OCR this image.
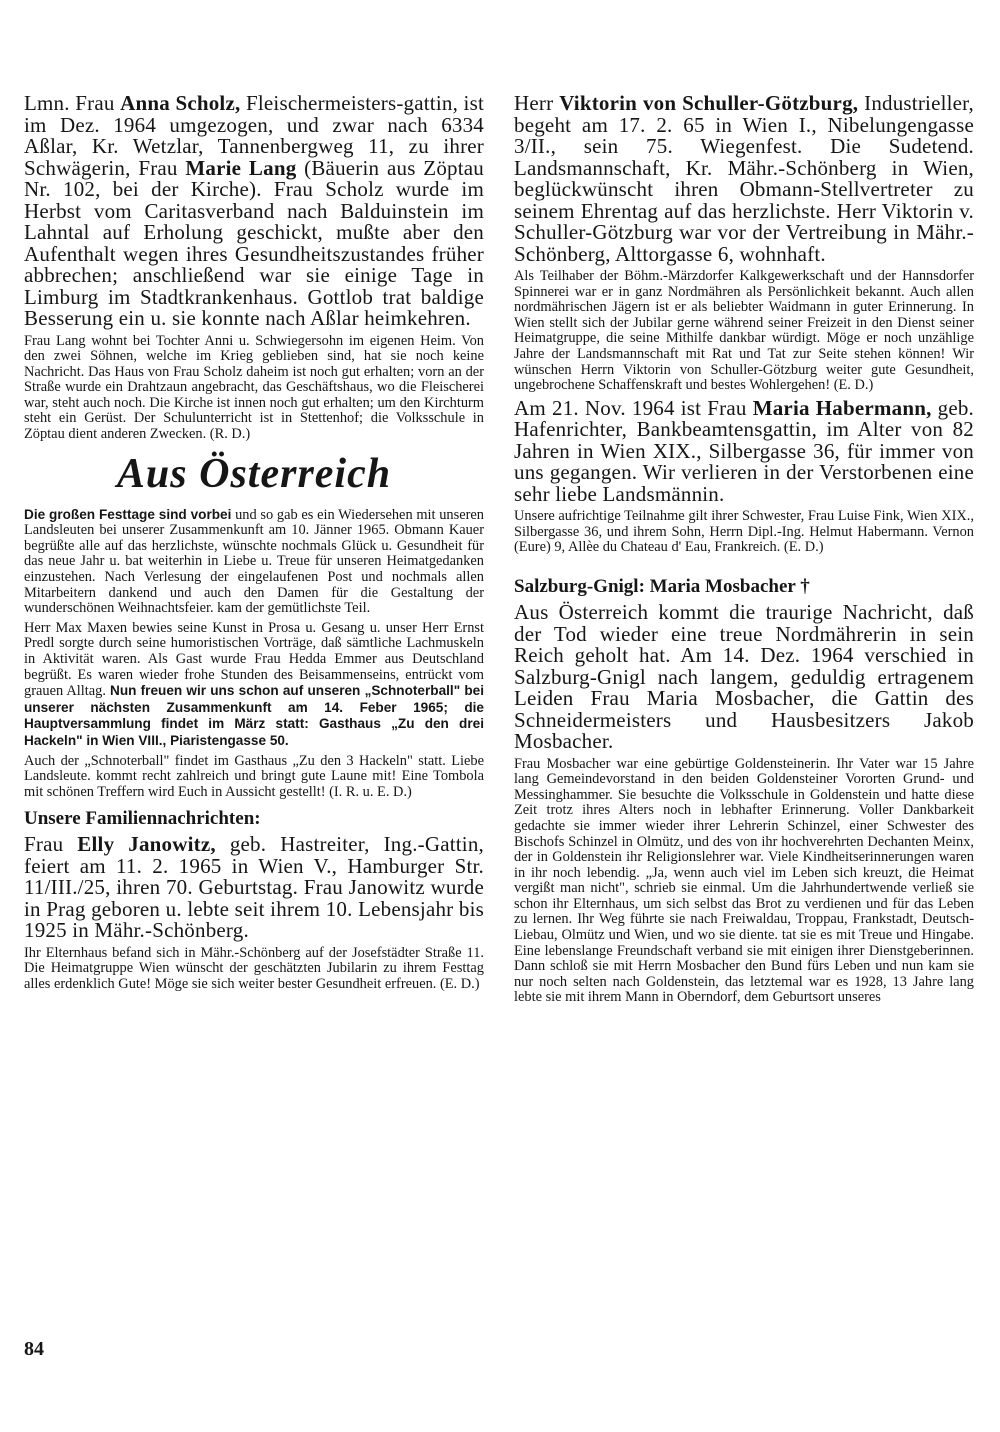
Lmn. Frau Anna Scholz, Fleischermeisters-gattin, ist im Dez. 1964 umgezogen, und zwar nach 6334 Aßlar, Kr. Wetzlar, Tannenbergweg 11, zu ihrer Schwägerin, Frau Marie Lang (Bäuerin aus Zöptau Nr. 102, bei der Kirche). Frau Scholz wurde im Herbst vom Caritasverband nach Balduinstein im Lahntal auf Erholung geschickt, mußte aber den Aufenthalt wegen ihres Gesundheitszustandes früher abbrechen; anschließend war sie einige Tage in Limburg im Stadtkrankenhaus. Gottlob trat baldige Besserung ein u. sie konnte nach Aßlar heimkehren.

Frau Lang wohnt bei Tochter Anni u. Schwiegersohn im eigenen Heim. Von den zwei Söhnen, welche im Krieg geblieben sind, hat sie noch keine Nachricht. Das Haus von Frau Scholz daheim ist noch gut erhalten; vorn an der Straße wurde ein Drahtzaun angebracht, das Geschäftshaus, wo die Fleischerei war, steht auch noch. Die Kirche ist innen noch gut erhalten; um den Kirchturm steht ein Gerüst. Der Schulunterricht ist in Stettenhof; die Volksschule in Zöptau dient anderen Zwecken. (R. D.)

Aus Österreich

Die großen Festtage sind vorbei und so gab es ein Wiedersehen mit unseren Landsleuten bei unserer Zusammenkunft am 10. Jänner 1965. Obmann Kauer begrüßte alle auf das herzlichste, wünschte nochmals Glück u. Gesundheit für das neue Jahr u. bat weiterhin in Liebe u. Treue für unseren Heimatgedanken einzustehen. Nach Verlesung der eingelaufenen Post und nochmals allen Mitarbeitern dankend und auch den Damen für die Gestaltung der wunderschönen Weihnachtsfeier. kam der gemütlichste Teil.

Herr Max Maxen bewies seine Kunst in Prosa u. Gesang u. unser Herr Ernst Predl sorgte durch seine humoristischen Vorträge, daß sämtliche Lachmuskeln in Aktivität waren. Als Gast wurde Frau Hedda Emmer aus Deutschland begrüßt. Es waren wieder frohe Stunden des Beisammenseins, entrückt vom grauen Alltag. Nun freuen wir uns schon auf unseren „Schnoterball" bei unserer nächsten Zusammenkunft am 14. Feber 1965; die Hauptversammlung findet im März statt: Gasthaus „Zu den drei Hackeln" in Wien VIII., Piaristengasse 50.

Auch der „Schnoterball" findet im Gasthaus „Zu den 3 Hackeln" statt. Liebe Landsleute. kommt recht zahlreich und bringt gute Laune mit! Eine Tombola mit schönen Treffern wird Euch in Aussicht gestellt! (I. R. u. E. D.)

Unsere Familiennachrichten:

Frau Elly Janowitz, geb. Hastreiter, Ing.-Gattin, feiert am 11. 2. 1965 in Wien V., Hamburger Str. 11/III./25, ihren 70. Geburtstag. Frau Janowitz wurde in Prag geboren u. lebte seit ihrem 10. Lebensjahr bis 1925 in Mähr.-Schönberg.

Ihr Elternhaus befand sich in Mähr.-Schönberg auf der Josefstädter Straße 11. Die Heimatgruppe Wien wünscht der geschätzten Jubilarin zu ihrem Festtag alles erdenklich Gute! Möge sie sich weiter bester Gesundheit erfreuen. (E. D.)

Herr Viktorin von Schuller-Götzburg, Industrieller, begeht am 17. 2. 65 in Wien I., Nibelungengasse 3/II., sein 75. Wiegenfest. Die Sudetend. Landsmannschaft, Kr. Mähr.-Schönberg in Wien, beglückwünscht ihren Obmann-Stellvertreter zu seinem Ehrentag auf das herzlichste. Herr Viktorin v. Schuller-Götzburg war vor der Vertreibung in Mähr.-Schönberg, Alttorgasse 6, wohnhaft.

Als Teilhaber der Böhm.-Märzdorfer Kalkgewerkschaft und der Hannsdorfer Spinnerei war er in ganz Nordmähren als Persönlichkeit bekannt. Auch allen nordmährischen Jägern ist er als beliebter Waidmann in guter Erinnerung. In Wien stellt sich der Jubilar gerne während seiner Freizeit in den Dienst seiner Heimatgruppe, die seine Mithilfe dankbar würdigt. Möge er noch unzählige Jahre der Landsmannschaft mit Rat und Tat zur Seite stehen können! Wir wünschen Herrn Viktorin von Schuller-Götzburg weiter gute Gesundheit, ungebrochene Schaffenskraft und bestes Wohlergehen! (E. D.)

Am 21. Nov. 1964 ist Frau Maria Habermann, geb. Hafenrichter, Bankbeamtensgattin, im Alter von 82 Jahren in Wien XIX., Silbergasse 36, für immer von uns gegangen. Wir verlieren in der Verstorbenen eine sehr liebe Landsmännin.

Unsere aufrichtige Teilnahme gilt ihrer Schwester, Frau Luise Fink, Wien XIX., Silbergasse 36, und ihrem Sohn, Herrn Dipl.-Ing. Helmut Habermann. Vernon (Eure) 9, Allèe du Chateau d' Eau, Frankreich. (E. D.)

Salzburg-Gnigl: Maria Mosbacher †

Aus Österreich kommt die traurige Nachricht, daß der Tod wieder eine treue Nordmährerin in sein Reich geholt hat. Am 14. Dez. 1964 verschied in Salzburg-Gnigl nach langem, geduldig ertragenem Leiden Frau Maria Mosbacher, die Gattin des Schneidermeisters und Hausbesitzers Jakob Mosbacher.

Frau Mosbacher war eine gebürtige Goldensteinerin. Ihr Vater war 15 Jahre lang Gemeindevorstand in den beiden Goldensteiner Vororten Grund- und Messinghammer. Sie besuchte die Volksschule in Goldenstein und hatte diese Zeit trotz ihres Alters noch in lebhafter Erinnerung. Voller Dankbarkeit gedachte sie immer wieder ihrer Lehrerin Schinzel, einer Schwester des Bischofs Schinzel in Olmütz, und des von ihr hochverehrten Dechanten Meinx, der in Goldenstein ihr Religionslehrer war. Viele Kindheitserinnerungen waren in ihr noch lebendig. „Ja, wenn auch viel im Leben sich kreuzt, die Heimat vergißt man nicht", schrieb sie einmal. Um die Jahrhundertwende verließ sie schon ihr Elternhaus, um sich selbst das Brot zu verdienen und für das Leben zu lernen. Ihr Weg führte sie nach Freiwaldau, Troppau, Frankstadt, Deutsch-Liebau, Olmütz und Wien, und wo sie diente. tat sie es mit Treue und Hingabe. Eine lebenslange Freundschaft verband sie mit einigen ihrer Dienstgeberinnen. Dann schloß sie mit Herrn Mosbacher den Bund fürs Leben und nun kam sie nur noch selten nach Goldenstein, das letztemal war es 1928, 13 Jahre lang lebte sie mit ihrem Mann in Oberndorf, dem Geburtsort unseres

84
